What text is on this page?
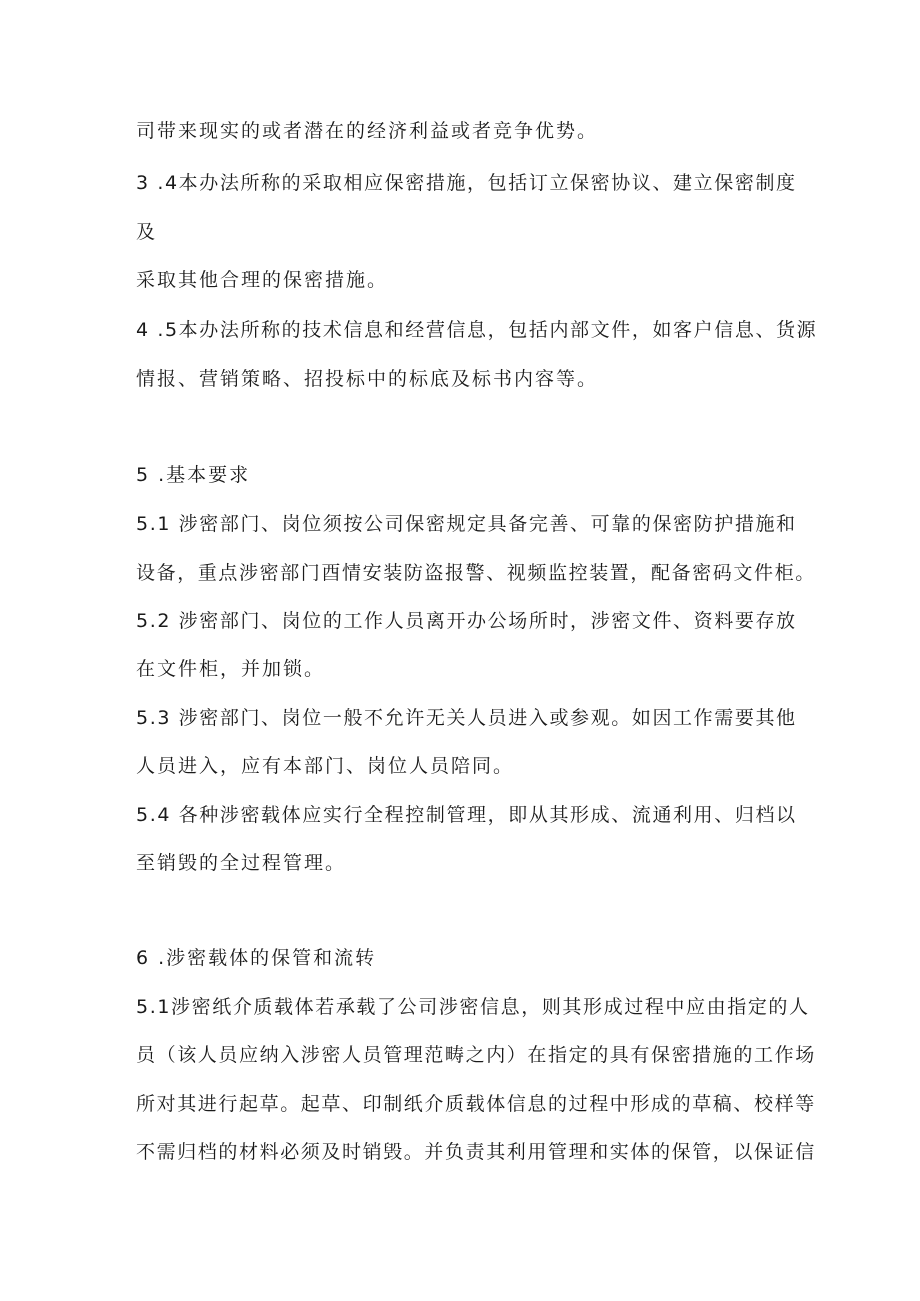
司带来现实的或者潜在的经济利益或者竞争优势。
3 .4本办法所称的采取相应保密措施，包括订立保密协议、建立保密制度
及
采取其他合理的保密措施。
4 .5本办法所称的技术信息和经营信息，包括内部文件，如客户信息、货源
情报、营销策略、招投标中的标底及标书内容等。
5 .基本要求
5.1 涉密部门、岗位须按公司保密规定具备完善、可靠的保密防护措施和
设备，重点涉密部门酉情安装防盗报警、视频监控装置，配备密码文件柜。
5.2 涉密部门、岗位的工作人员离开办公场所时，涉密文件、资料要存放
在文件柜，并加锁。
5.3 涉密部门、岗位一般不允许无关人员进入或参观。如因工作需要其他
人员进入，应有本部门、岗位人员陪同。
5.4 各种涉密载体应实行全程控制管理，即从其形成、流通利用、归档以
至销毁的全过程管理。
6 .涉密载体的保管和流转
5.1涉密纸介质载体若承载了公司涉密信息，则其形成过程中应由指定的人
员（该人员应纳入涉密人员管理范畴之内）在指定的具有保密措施的工作场
所对其进行起草。起草、印制纸介质载体信息的过程中形成的草稿、校样等
不需归档的材料必须及时销毁。并负责其利用管理和实体的保管，以保证信
